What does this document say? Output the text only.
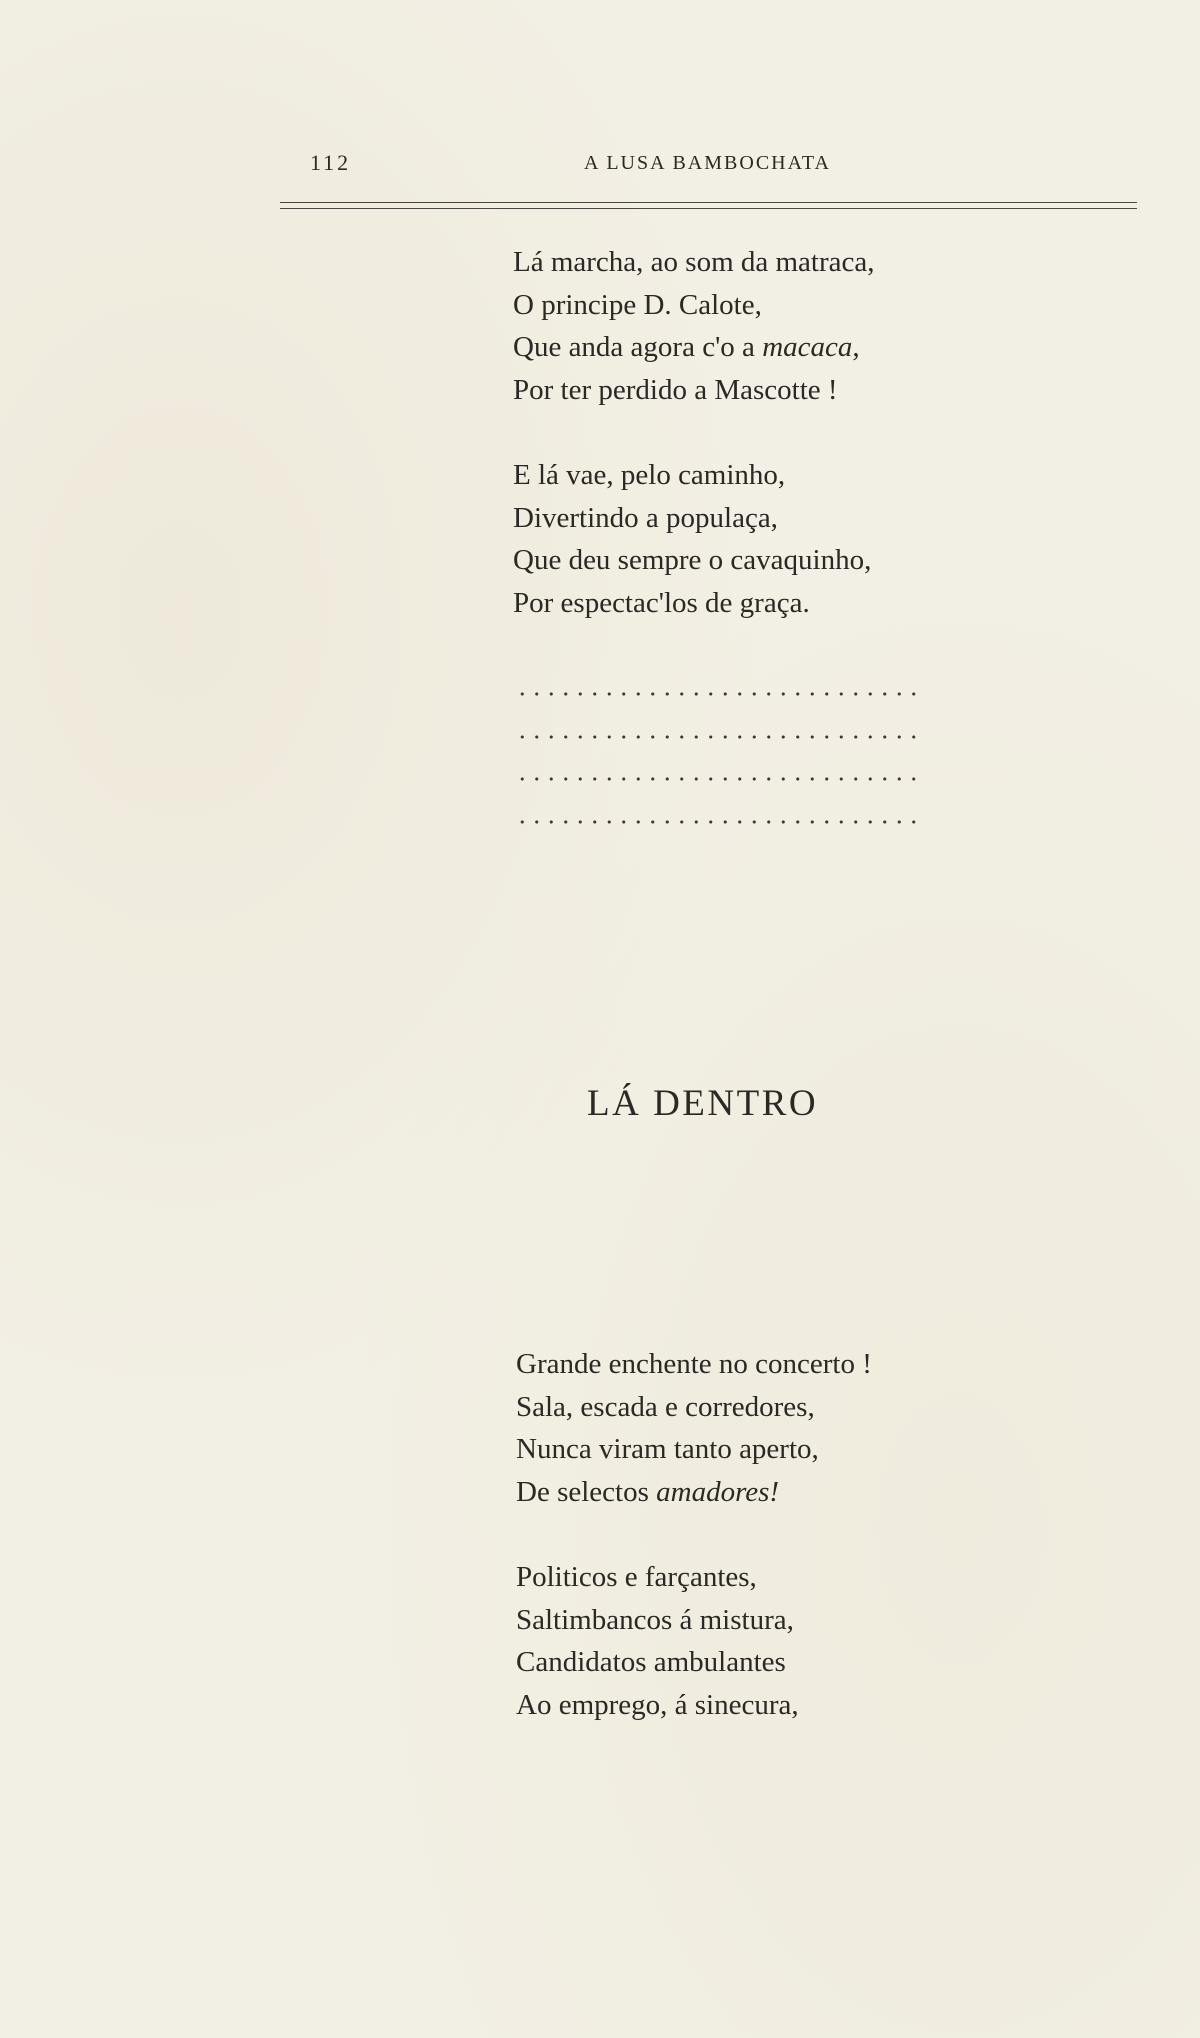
112	A LUSA BAMBOCHATA
Lá marcha, ao som da matraca,
O principe D. Calote,
Que anda agora c'o a macaca,
Por ter perdido a Mascotte !
E lá vae, pelo caminho,
Divertindo a populaça,
Que deu sempre o cavaquinho,
Por espectac'los de graça.
LÁ DENTRO
Grande enchente no concerto !
Sala, escada e corredores,
Nunca viram tanto aperto,
De selectos amadores!
Politicos e farçantes,
Saltimbancos á mistura,
Candidatos ambulantes
Ao emprego, á sinecura,
